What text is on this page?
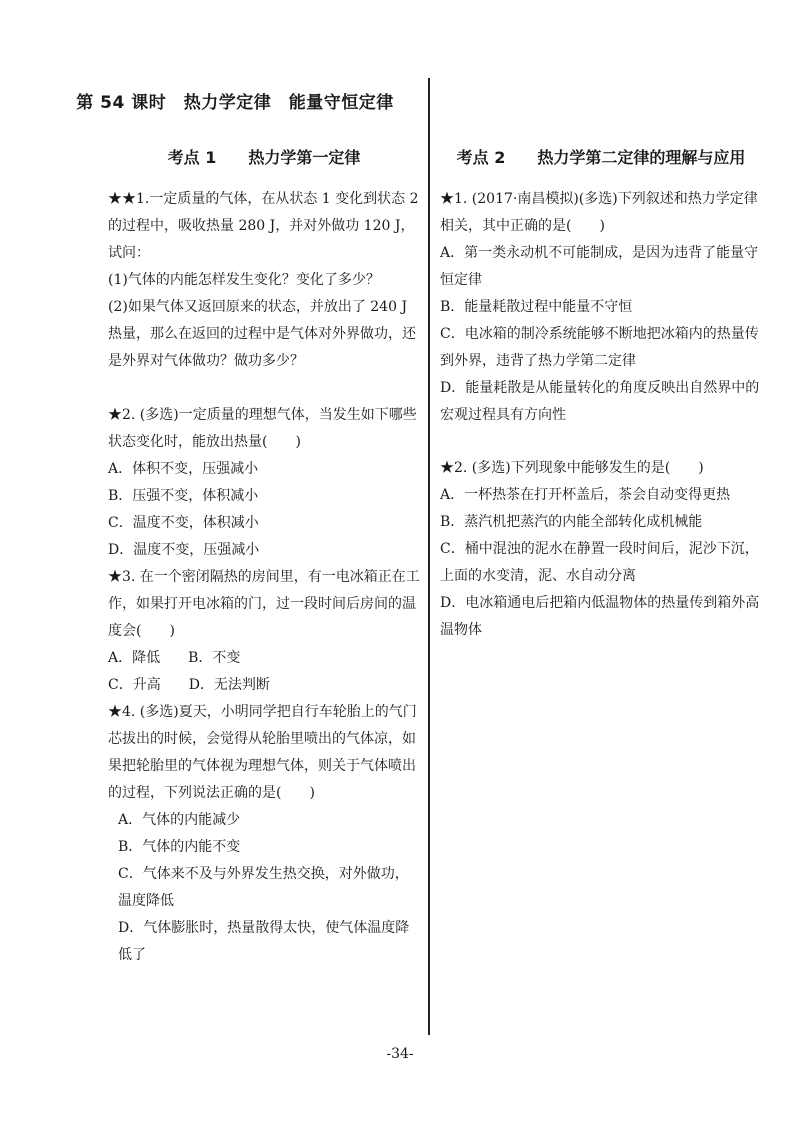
第 54 课时　热力学定律　能量守恒定律
考点 1　　热力学第一定律

★★1.一定质量的气体，在从状态 1 变化到状态 2 的过程中，吸收热量 280 J，并对外做功 120 J，试问：

(1)气体的内能怎样发生变化？变化了多少？

(2)如果气体又返回原来的状态，并放出了 240 J 热量，那么在返回的过程中是气体对外界做功，还是外界对气体做功？做功多少？

★2. (多选)一定质量的理想气体，当发生如下哪些状态变化时，能放出热量(　　)

A．体积不变，压强减小

B．压强不变，体积减小

C．温度不变，体积减小

D．温度不变，压强减小

★3. 在一个密闭隔热的房间里，有一电冰箱正在工作，如果打开电冰箱的门，过一段时间后房间的温度会(　　)

A．降低　　B．不变

C．升高　　D．无法判断

★4. (多选)夏天，小明同学把自行车轮胎上的气门芯拔出的时候，会觉得从轮胎里喷出的气体凉，如果把轮胎里的气体视为理想气体，则关于气体喷出的过程，下列说法正确的是(　　)

A．气体的内能减少

B．气体的内能不变

C．气体来不及与外界发生热交换，对外做功，温度降低

D．气体膨胀时，热量散得太快，使气体温度降低了

考点 2　　热力学第二定律的理解与应用

★1. (2017·南昌模拟)(多选)下列叙述和热力学定律相关，其中正确的是(　　)

A．第一类永动机不可能制成，是因为违背了能量守恒定律

B．能量耗散过程中能量不守恒

C．电冰箱的制冷系统能够不断地把冰箱内的热量传到外界，违背了热力学第二定律

D．能量耗散是从能量转化的角度反映出自然界中的宏观过程具有方向性

★2. (多选)下列现象中能够发生的是(　　)

A．一杯热茶在打开杯盖后，茶会自动变得更热

B．蒸汽机把蒸汽的内能全部转化成机械能

C．桶中混浊的泥水在静置一段时间后，泥沙下沉，上面的水变清，泥、水自动分离

D．电冰箱通电后把箱内低温物体的热量传到箱外高温物体

-34-
